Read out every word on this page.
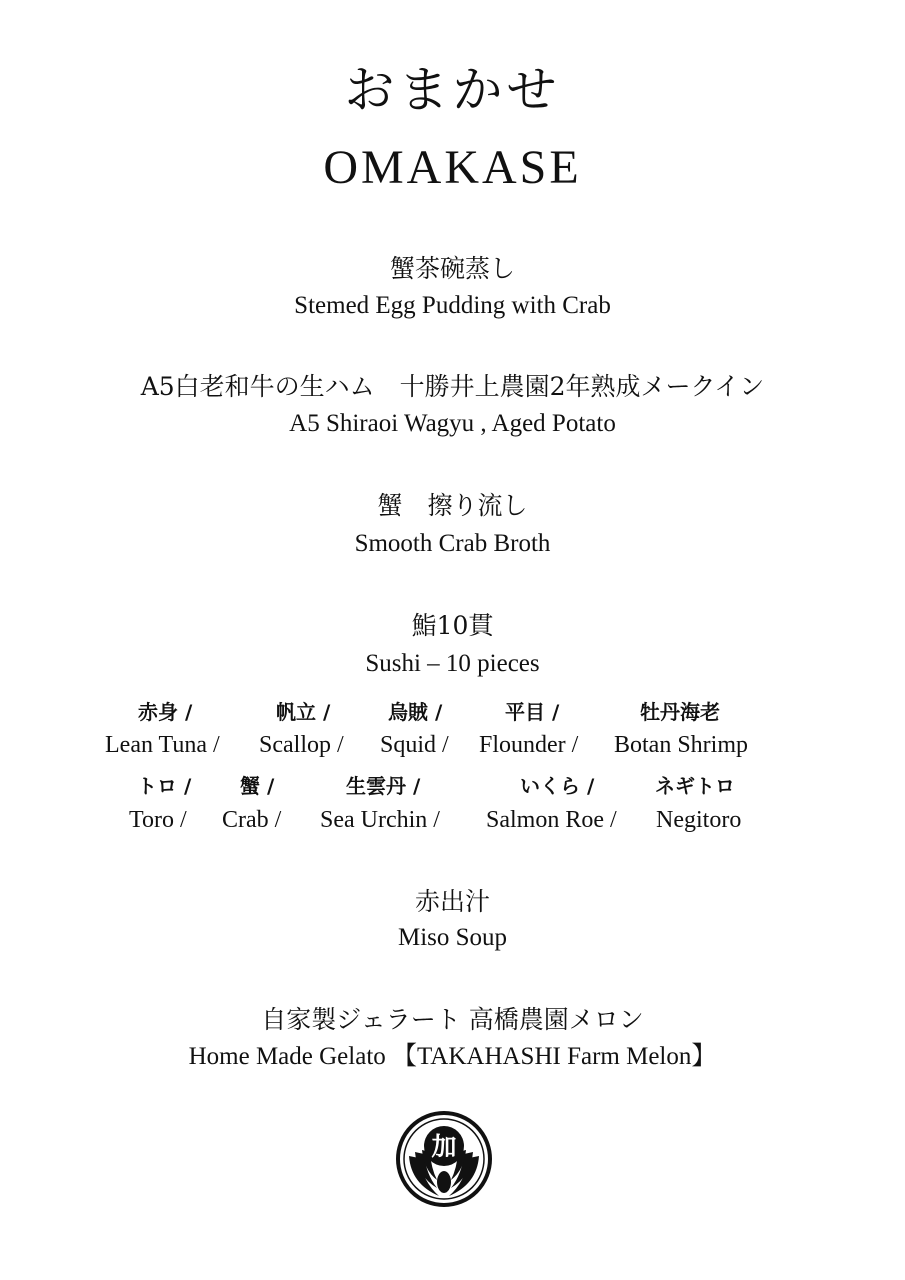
おまかせ
OMAKASE
蟹茶碗蒸し
Stemed Egg Pudding with Crab
A5白老和牛の生ハム　十勝井上農園2年熟成メークイン
A5 Shiraoi Wagyu , Aged Potato
蟹　擦り流し
Smooth Crab Broth
鮨10貫
Sushi – 10 pieces
赤身 /	帆立 /	烏賊 /	平目 /	牡丹海老
Lean Tuna / Scallop / Squid / Flounder / Botan Shrimp
トロ / 蟹 /	生雲丹 /	いくら /	ネギトロ
Toro / Crab / Sea Urchin / Salmon Roe / Negitoro
赤出汁
Miso Soup
自家製ジェラート 高橋農園メロン
Home Made Gelato 【TAKAHASHI Farm Melon】
加
